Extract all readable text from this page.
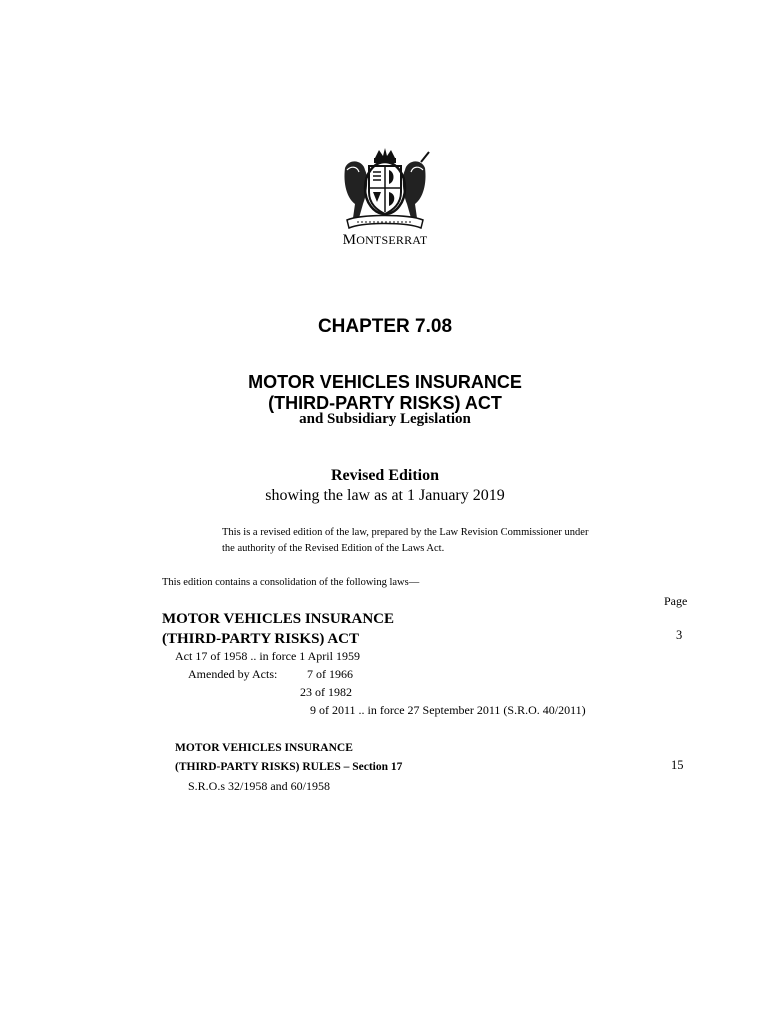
MONTSERRAT
CHAPTER 7.08
MOTOR VEHICLES INSURANCE
(THIRD-PARTY RISKS) ACT
and Subsidiary Legislation
Revised Edition
showing the law as at 1 January 2019
This is a revised edition of the law, prepared by the Law Revision Commissioner under
the authority of the Revised Edition of the Laws Act.
This edition contains a consolidation of the following laws—
Page
MOTOR VEHICLES INSURANCE
(THIRD-PARTY RISKS) ACT	3
Act 17 of 1958 .. in force 1 April 1959
Amended by Acts: 7 of 1966
23 of 1982
9 of 2011 .. in force 27 September 2011 (S.R.O. 40/2011)
MOTOR VEHICLES INSURANCE
(THIRD-PARTY RISKS) RULES – Section 17	15
S.R.O.s 32/1958 and 60/1958
